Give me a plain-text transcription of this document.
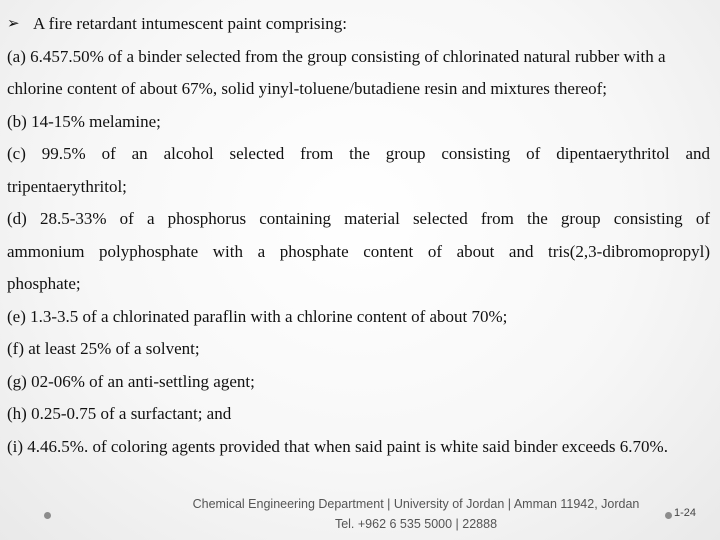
➢ A fire retardant intumescent paint comprising:

(a) 6.457.50% of a binder selected from the group consisting of chlorinated natural rubber with a

chlorine content of about 67%, solid yinyl-toluene/butadiene resin and mixtures thereof;

(b) 14-15% melamine;

(c) 99.5% of an alcohol selected from the group consisting of dipentaerythritol and

tripentaerythritol;

(d) 28.5-33% of a phosphorus containing material selected from the group consisting of

ammonium polyphosphate with a phosphate content of about and tris(2,3-dibromopropyl)

phosphate;

(e) 1.3-3.5 of a chlorinated paraflin with a chlorine content of about 70%;

(f) at least 25% of a solvent;

(g) 02-06% of an anti-settling agent;

(h) 0.25-0.75 of a surfactant; and

(i) 4.46.5%. of coloring agents provided that when said paint is white said binder exceeds 6.70%.

Chemical Engineering Department | University of Jordan | Amman 11942, Jordan
Tel. +962 6 535 5000 | 22888
1-24
